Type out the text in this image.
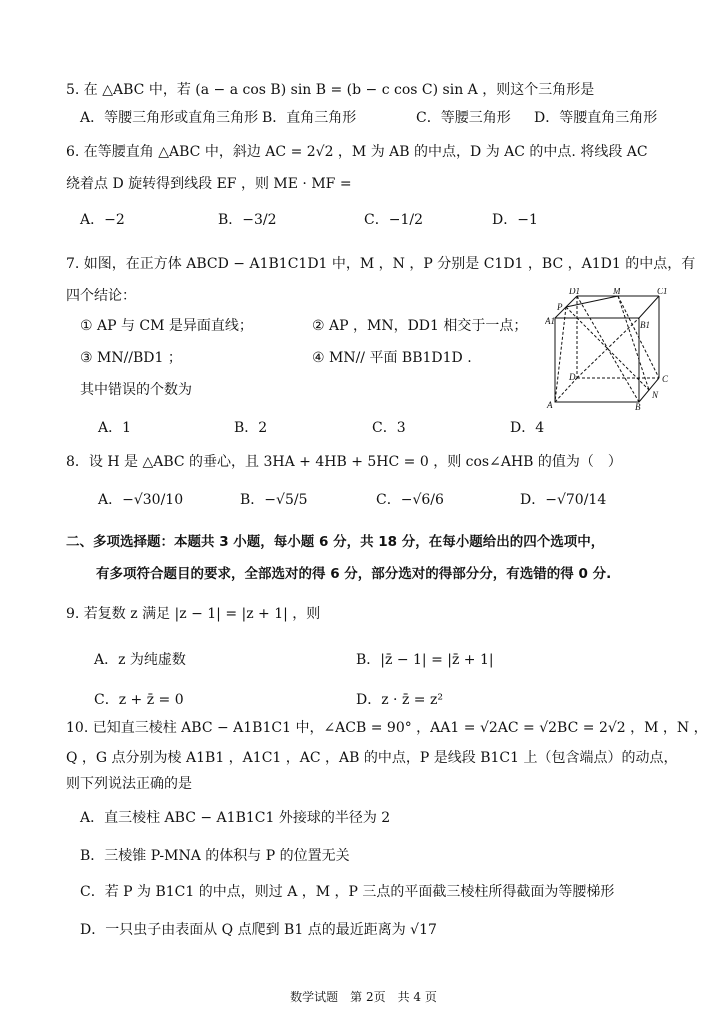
5. 在 △ABC 中，若 (a − a cos B) sin B = (b − c cos C) sin A ，则这个三角形是
A．等腰三角形或直角三角形 B．直角三角形	C．等腰三角形 D．等腰直角三角形
6. 在等腰直角 △ABC 中，斜边 AC = 2√2 ，M 为 AB 的中点，D 为 AC 的中点. 将线段 AC
绕着点 D 旋转得到线段 EF ，则 ME · MF =
A．−2	B．−3/2	C．−1/2	D．−1
7. 如图，在正方体 ABCD − A1B1C1D1 中，M ，N ，P 分别是 C1D1 ，BC ，A1D1 的中点，有
四个结论：
① AP 与 CM 是异面直线；	② AP ，MN，DD1 相交于一点；
③ MN//BD1 ；	④ MN// 平面 BB1D1D .
其中错误的个数为
A．1	B．2	C．3	D．4
D1	M	C1
A1
P
B1
D	C
A
N
B
8．设 H 是 △ABC 的垂心，且 3HA + 4HB + 5HC = 0 ，则 cos∠AHB 的值为（　）
A．−√30/10	B．−√5/5	C．−√6/6	D．−√70/14
二、多项选择题：本题共 3 小题，每小题 6 分，共 18 分，在每小题给出的四个选项中，
有多项符合题目的要求，全部选对的得 6 分，部分选对的得部分分，有选错的得 0 分.
9. 若复数 z 满足 |z − 1| = |z + 1| ，则
A．z 为纯虚数	B．|z̄ − 1| = |z̄ + 1|
C．z + z̄ = 0	D．z · z̄ = z²
10. 已知直三棱柱 ABC − A1B1C1 中，∠ACB = 90° ，AA1 = √2AC = √2BC = 2√2 ，M ，N ，
Q ，G 点分别为棱 A1B1 ，A1C1 ，AC ，AB 的中点，P 是线段 B1C1 上（包含端点）的动点，
则下列说法正确的是
A．直三棱柱 ABC − A1B1C1 外接球的半径为 2
B．三棱锥 P-MNA 的体积与 P 的位置无关
C．若 P 为 B1C1 的中点，则过 A ，M ，P 三点的平面截三棱柱所得截面为等腰梯形
D．一只虫子由表面从 Q 点爬到 B1 点的最近距离为 √17
数学试题　第 2页　共 4 页
